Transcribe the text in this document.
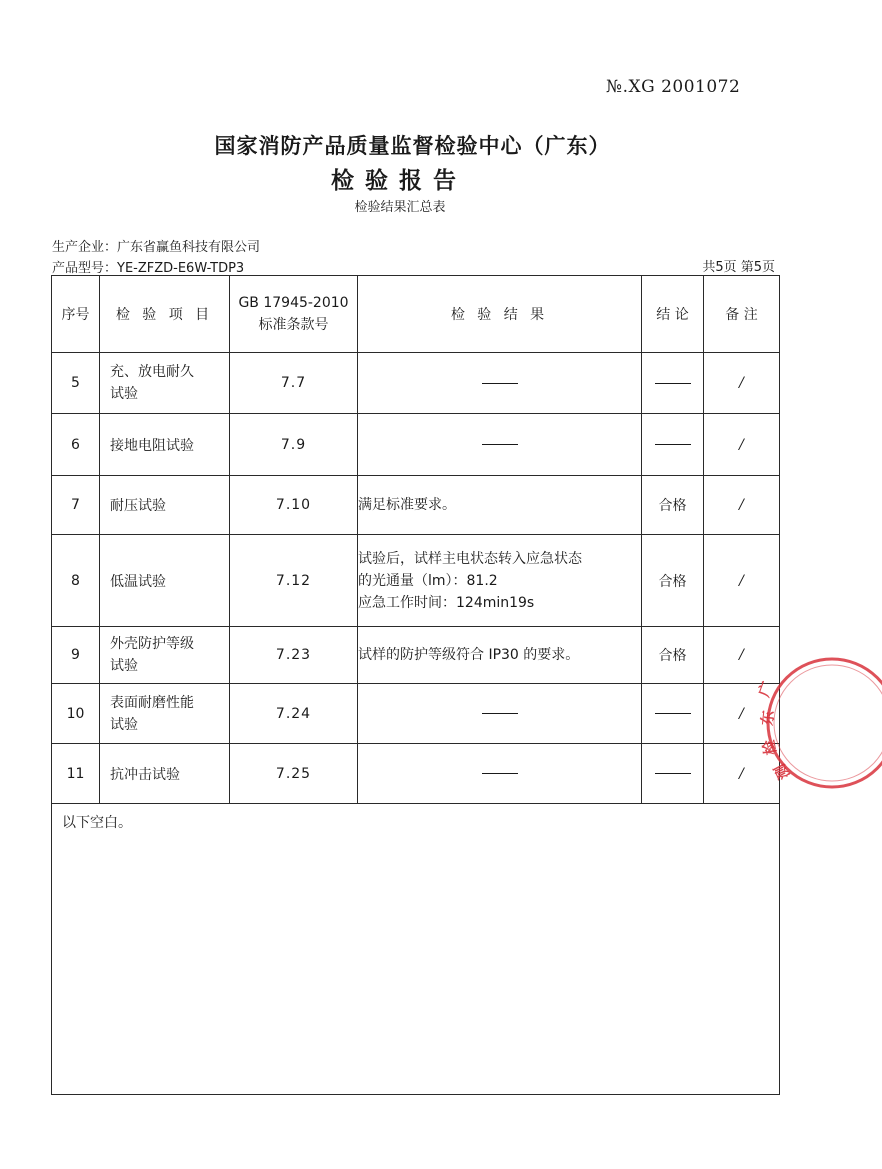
№.XG 2001072
国家消防产品质量监督检验中心（广东）
检验报告
检验结果汇总表
生产企业：广东省赢鱼科技有限公司
产品型号：YE-ZFZD-E6W-TDP3	共5页 第5页
序号	检 验 项 目	GB 17945-2010
标准条款号	检 验 结 果	结 论	备 注
5	充、放电耐久
试验	7.7			/
6	接地电阻试验	7.9			/
7	耐压试验	7.10	满足标准要求。	合格	/
8	低温试验	7.12	试验后，试样主电状态转入应急状态
的光通量（lm）：81.2
应急工作时间：124min19s	合格	/
9	外壳防护等级
试验	7.23	试样的防护等级符合 IP30 的要求。	合格	/
10	表面耐磨性能
试验	7.24			/
11	抗冲击试验	7.25			/
以下空白。					
广
东
检
测
